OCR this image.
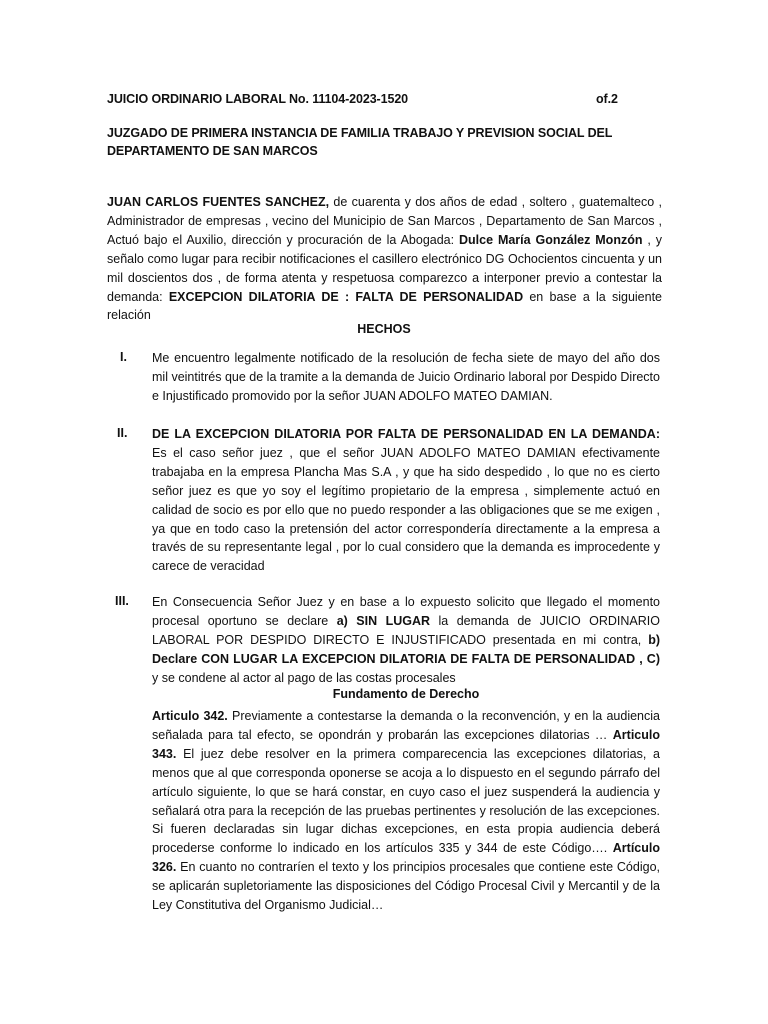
JUICIO ORDINARIO LABORAL No. 11104-2023-1520	of.2
JUZGADO DE PRIMERA INSTANCIA DE FAMILIA TRABAJO Y PREVISION SOCIAL DEL DEPARTAMENTO DE SAN MARCOS
JUAN CARLOS FUENTES SANCHEZ, de cuarenta y dos años de edad , soltero , guatemalteco , Administrador de empresas , vecino del Municipio de San Marcos , Departamento de San Marcos , Actuó bajo el Auxilio, dirección y procuración de la Abogada: Dulce María González Monzón , y señalo como lugar para recibir notificaciones el casillero electrónico DG Ochocientos cincuenta y un mil doscientos dos , de forma atenta y respetuosa comparezco a interponer previo a contestar la demanda: EXCEPCION DILATORIA DE : FALTA DE PERSONALIDAD en base a la siguiente relación
HECHOS
I. Me encuentro legalmente notificado de la resolución de fecha siete de mayo del año dos mil veintitrés que de la tramite a la demanda de Juicio Ordinario laboral por Despido Directo e Injustificado promovido por la señor JUAN ADOLFO MATEO DAMIAN.
II. DE LA EXCEPCION DILATORIA POR FALTA DE PERSONALIDAD EN LA DEMANDA: Es el caso señor juez , que el señor JUAN ADOLFO MATEO DAMIAN efectivamente trabajaba en la empresa Plancha Mas S.A , y que ha sido despedido , lo que no es cierto señor juez es que yo soy el legítimo propietario de la empresa , simplemente actuó en calidad de socio es por ello que no puedo responder a las obligaciones que se me exigen , ya que en todo caso la pretensión del actor correspondería directamente a la empresa a través de su representante legal , por lo cual considero que la demanda es improcedente y carece de veracidad
III. En Consecuencia Señor Juez y en base a lo expuesto solicito que llegado el momento procesal oportuno se declare a) SIN LUGAR la demanda de JUICIO ORDINARIO LABORAL POR DESPIDO DIRECTO E INJUSTIFICADO presentada en mi contra, b) Declare CON LUGAR LA EXCEPCION DILATORIA DE FALTA DE PERSONALIDAD , C) y se condene al actor al pago de las costas procesales
Fundamento de Derecho
Articulo 342. Previamente a contestarse la demanda o la reconvención, y en la audiencia señalada para tal efecto, se opondrán y probarán las excepciones dilatorias … Articulo 343. El juez debe resolver en la primera comparecencia las excepciones dilatorias, a menos que al que corresponda oponerse se acoja a lo dispuesto en el segundo párrafo del artículo siguiente, lo que se hará constar, en cuyo caso el juez suspenderá la audiencia y señalará otra para la recepción de las pruebas pertinentes y resolución de las excepciones. Si fueren declaradas sin lugar dichas excepciones, en esta propia audiencia deberá procederse conforme lo indicado en los artículos 335 y 344 de este Código…. Artículo 326. En cuanto no contraríen el texto y los principios procesales que contiene este Código, se aplicarán supletoriamente las disposiciones del Código Procesal Civil y Mercantil y de la Ley Constitutiva del Organismo Judicial…
